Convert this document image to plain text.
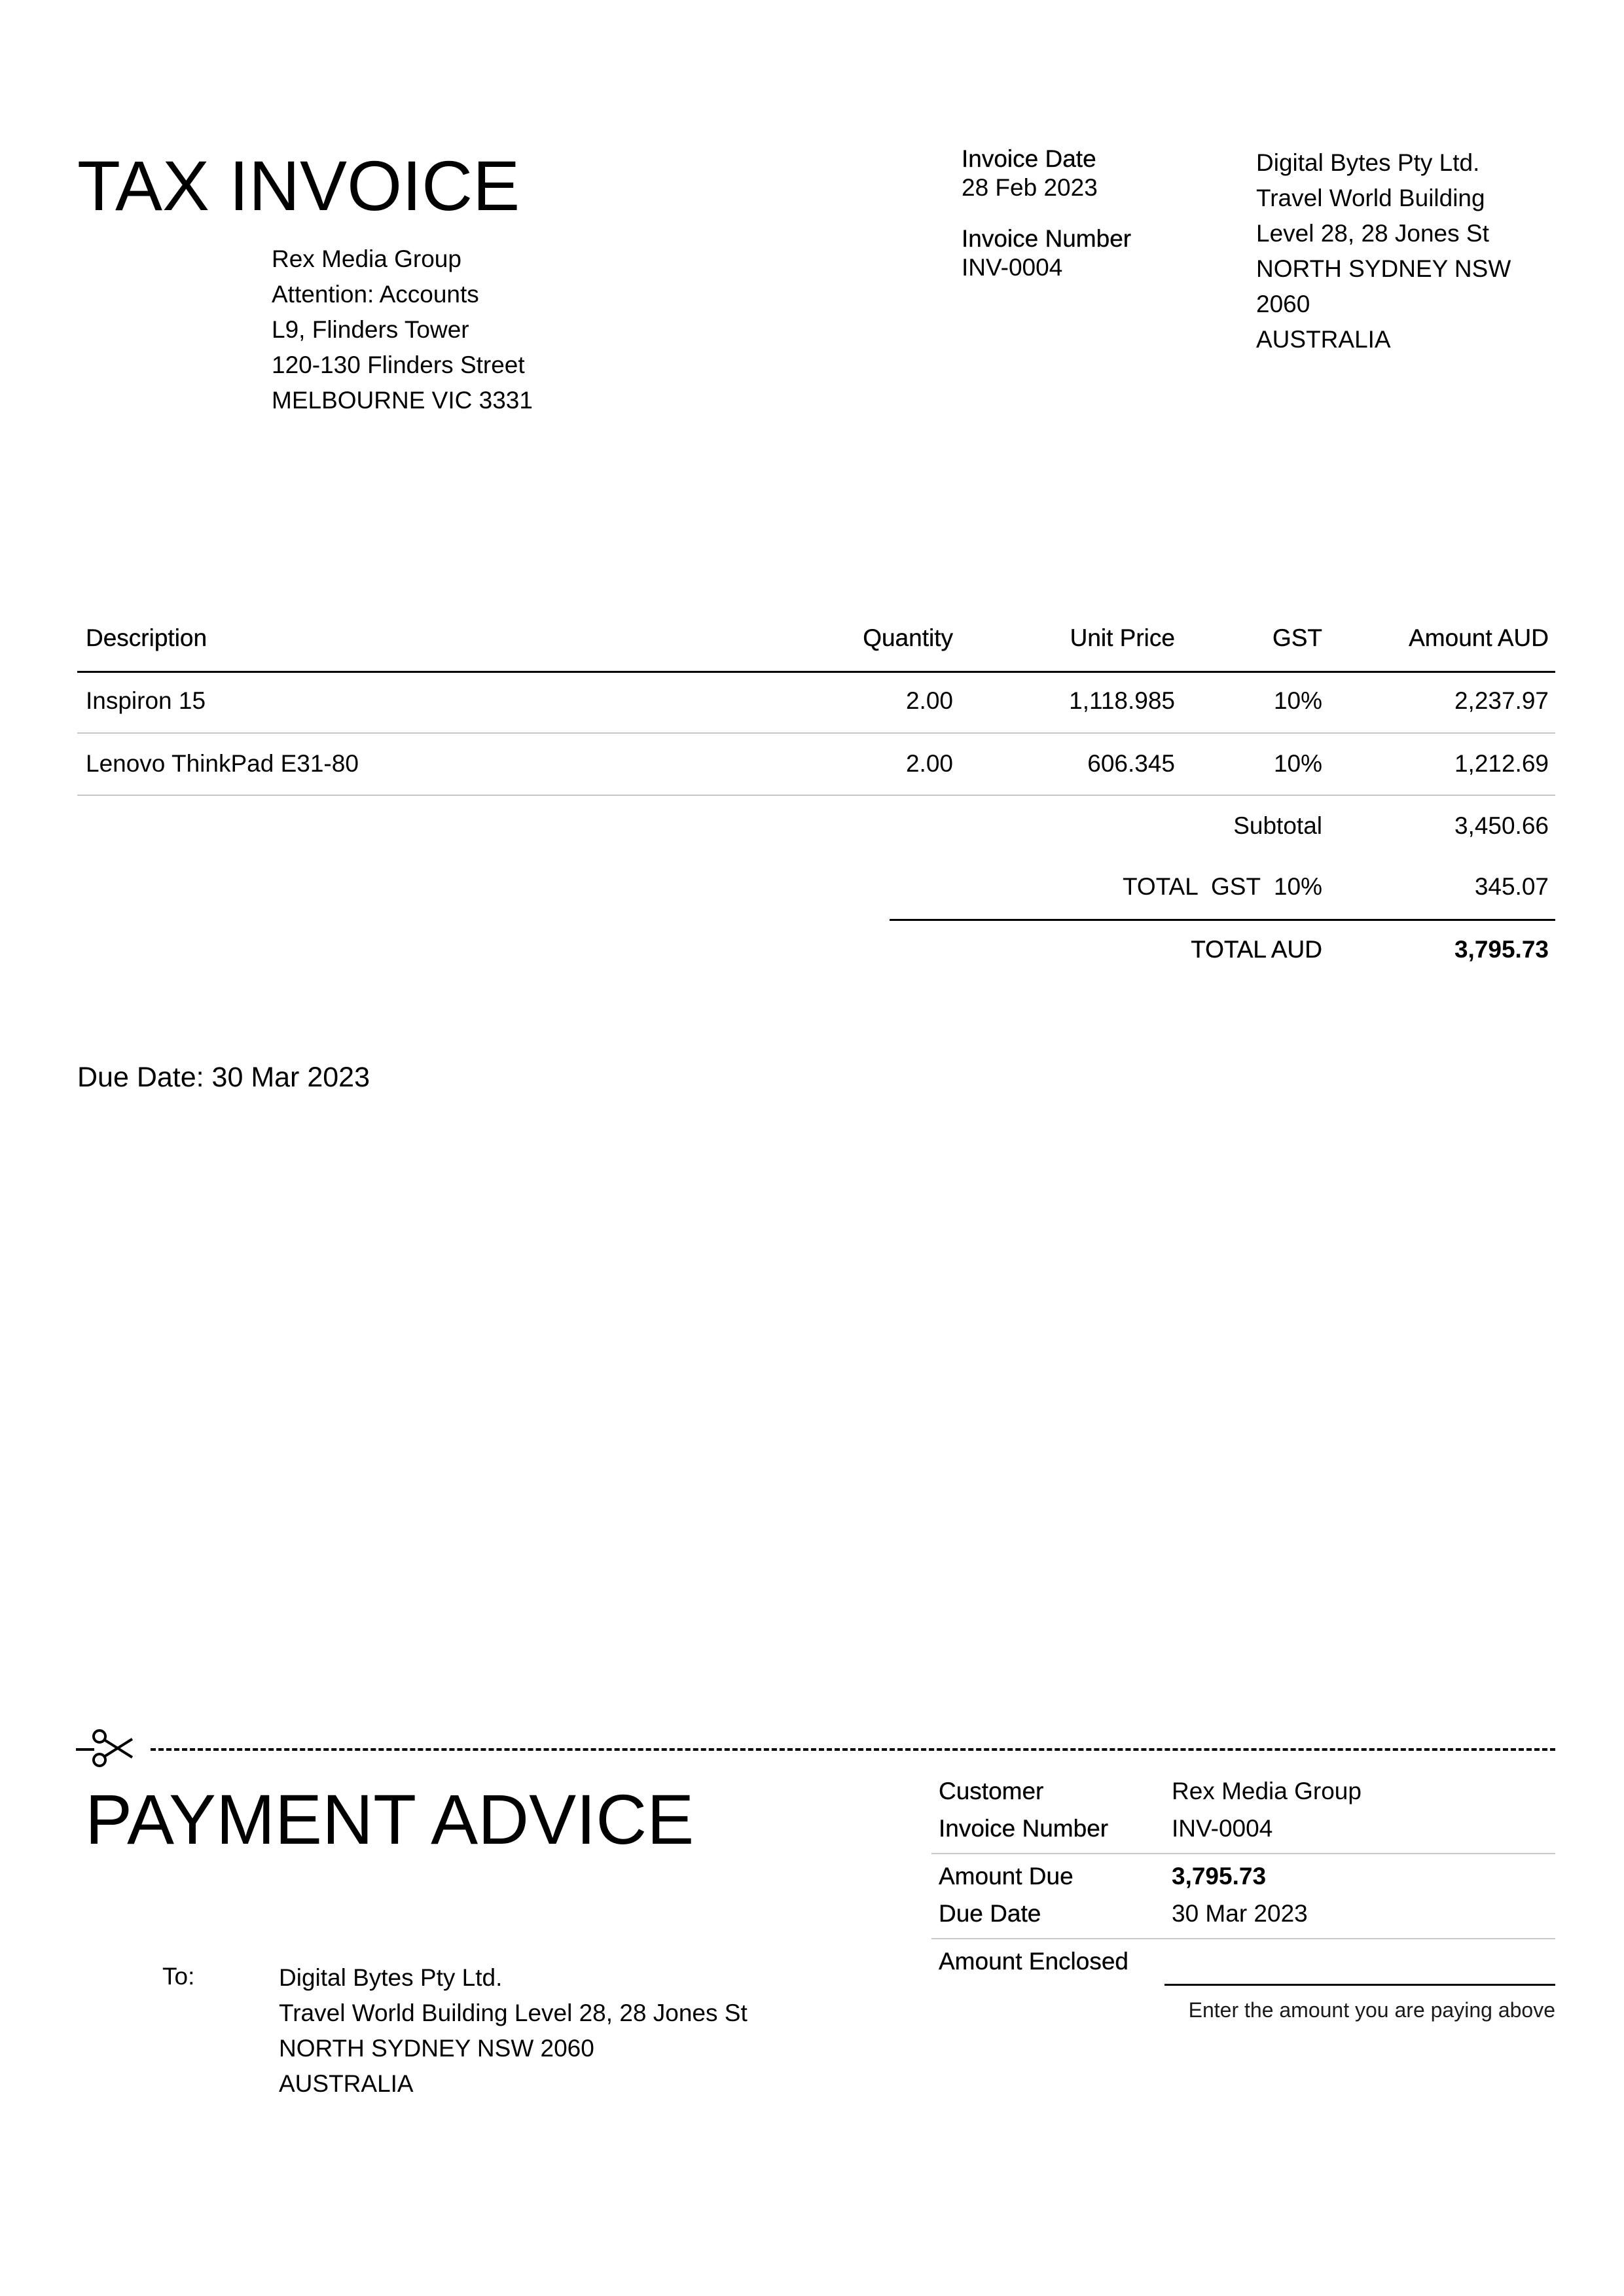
TAX INVOICE
Rex Media Group
Attention: Accounts
L9, Flinders Tower
120-130 Flinders Street
MELBOURNE VIC 3331
Invoice Date
28 Feb 2023
Invoice Number
INV-0004
Digital Bytes Pty Ltd.
Travel World Building
Level 28, 28 Jones St
NORTH SYDNEY NSW
2060
AUSTRALIA
Description	Quantity	Unit Price	GST	Amount AUD
Inspiron 15	2.00	1,118.985	10%	2,237.97
Lenovo ThinkPad E31-80	2.00	606.345	10%	1,212.69
Subtotal	3,450.66
TOTAL  GST  10%	345.07
TOTAL AUD	3,795.73
Due Date: 30 Mar 2023
PAYMENT ADVICE	Customer	Rex Media Group
Invoice Number	INV-0004
Amount Due	3,795.73
Due Date	30 Mar 2023
Amount Enclosed
Enter the amount you are paying above
To:	Digital Bytes Pty Ltd.
Travel World Building Level 28, 28 Jones St
NORTH SYDNEY NSW 2060
AUSTRALIA
